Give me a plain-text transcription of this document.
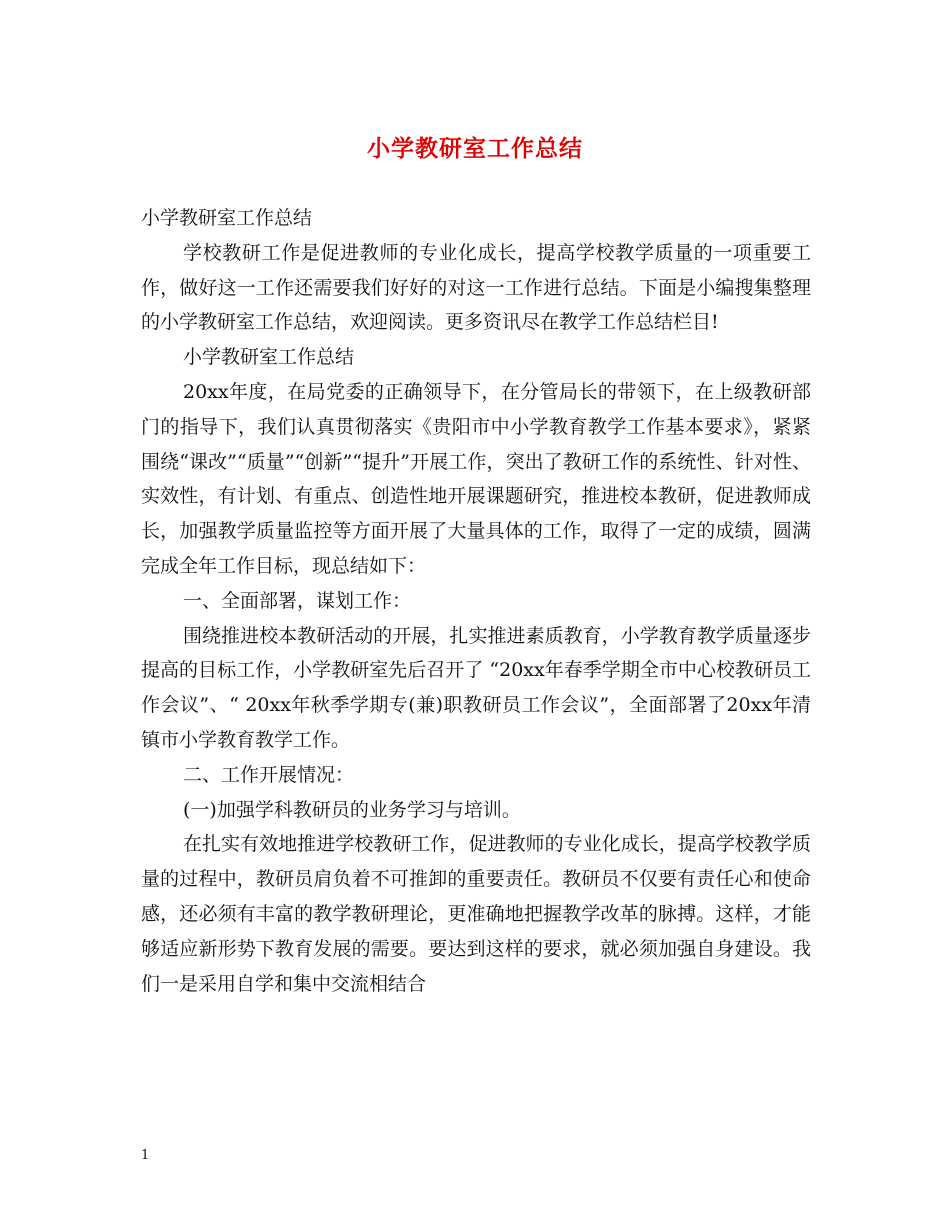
小学教研室工作总结

小学教研室工作总结

学校教研工作是促进教师的专业化成长，提高学校教学质量的一项重要工作，做好这一工作还需要我们好好的对这一工作进行总结。下面是小编搜集整理的小学教研室工作总结，欢迎阅读。更多资讯尽在教学工作总结栏目!

小学教研室工作总结

20xx年度，在局党委的正确领导下，在分管局长的带领下，在上级教研部门的指导下，我们认真贯彻落实《贵阳市中小学教育教学工作基本要求》，紧紧围绕“课改”“质量”“创新”“提升”开展工作，突出了教研工作的系统性、针对性、实效性，有计划、有重点、创造性地开展课题研究，推进校本教研，促进教师成长，加强教学质量监控等方面开展了大量具体的工作，取得了一定的成绩，圆满完成全年工作目标，现总结如下：

一、全面部署，谋划工作：

围绕推进校本教研活动的开展，扎实推进素质教育，小学教育教学质量逐步提高的目标工作，小学教研室先后召开了 “20xx年春季学期全市中心校教研员工作会议”、“ 20xx年秋季学期专(兼)职教研员工作会议”，全面部署了20xx年清镇市小学教育教学工作。

二、工作开展情况：

(一)加强学科教研员的业务学习与培训。

在扎实有效地推进学校教研工作，促进教师的专业化成长，提高学校教学质量的过程中，教研员肩负着不可推卸的重要责任。教研员不仅要有责任心和使命感，还必须有丰富的教学教研理论，更准确地把握教学改革的脉搏。这样，才能够适应新形势下教育发展的需要。要达到这样的要求，就必须加强自身建设。我们一是采用自学和集中交流相结合

1
